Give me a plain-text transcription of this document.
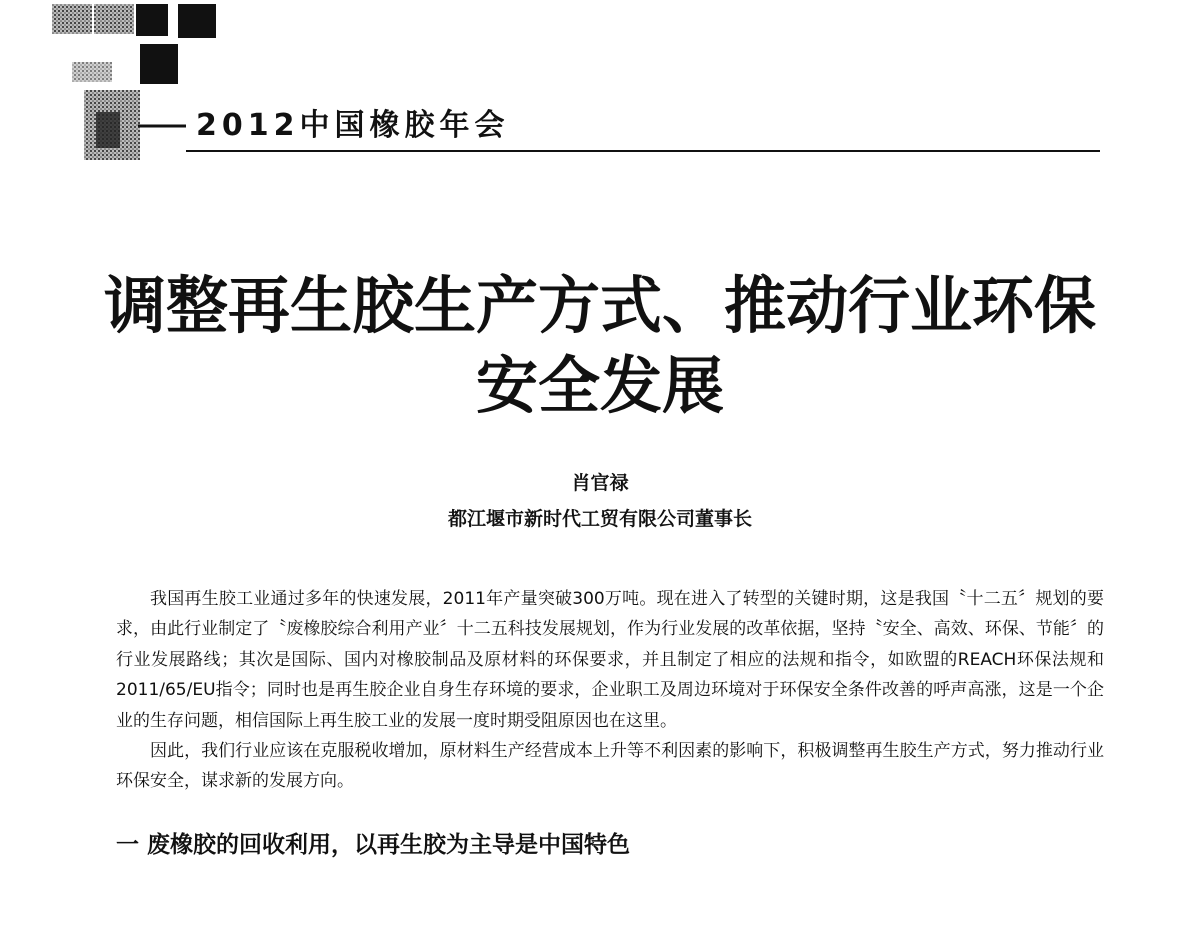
2012中国橡胶年会
调整再生胶生产方式、推动行业环保
安全发展
肖官禄
都江堰市新时代工贸有限公司董事长

我国再生胶工业通过多年的快速发展，2011年产量突破300万吨。现在进入了转型的关键时期，这是我国〝十二五〞规划的要求，由此行业制定了〝废橡胶综合利用产业〞十二五科技发展规划，作为行业发展的改革依据，坚持〝安全、高效、环保、节能〞的行业发展路线；其次是国际、国内对橡胶制品及原材料的环保要求，并且制定了相应的法规和指令，如欧盟的REACH环保法规和2011/65/EU指令；同时也是再生胶企业自身生存环境的要求，企业职工及周边环境对于环保安全条件改善的呼声高涨，这是一个企业的生存问题，相信国际上再生胶工业的发展一度时期受阻原因也在这里。

因此，我们行业应该在克服税收增加，原材料生产经营成本上升等不利因素的影响下，积极调整再生胶生产方式，努力推动行业环保安全，谋求新的发展方向。

一 废橡胶的回收利用，以再生胶为主导是中国特色
